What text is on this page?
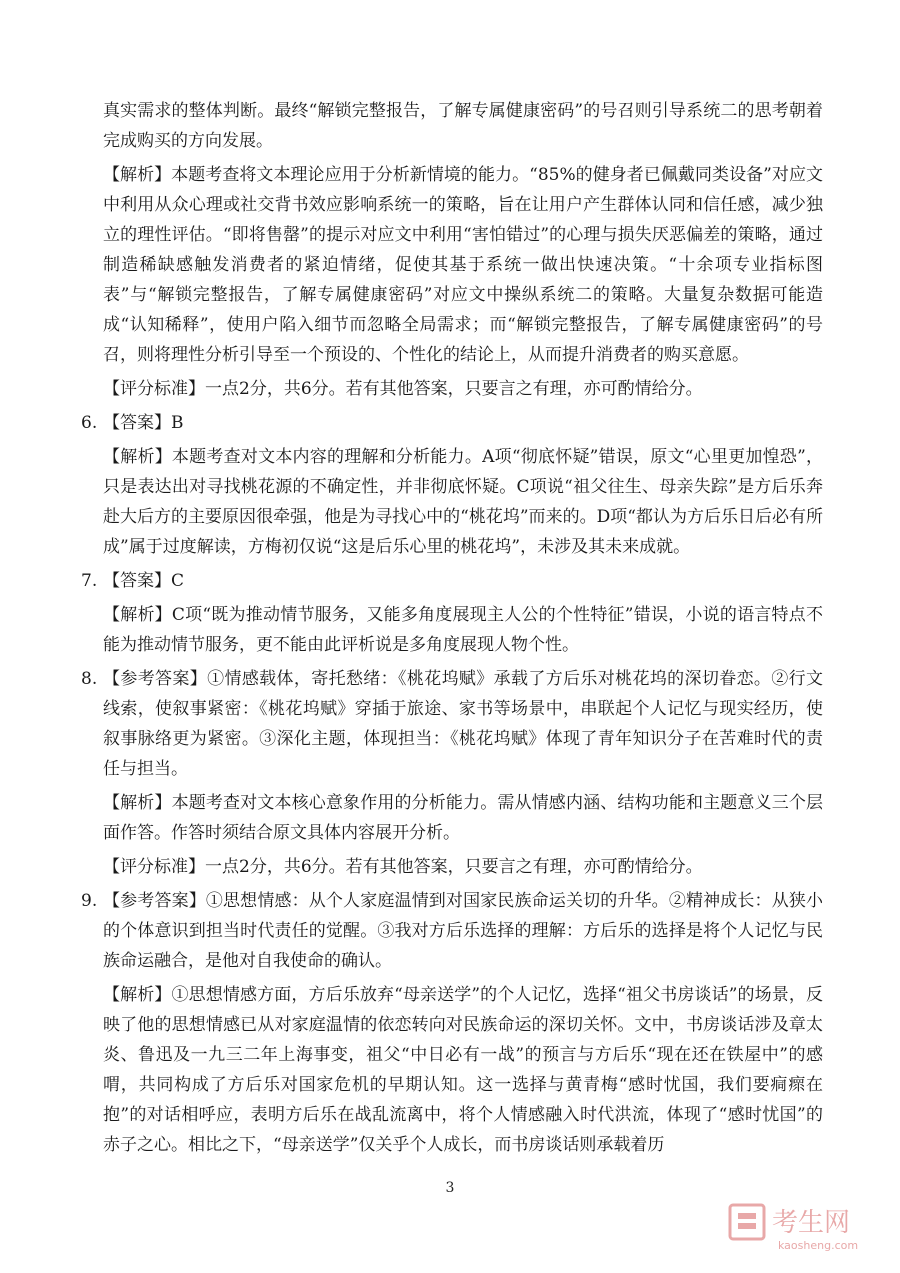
真实需求的整体判断。最终“解锁完整报告，了解专属健康密码”的号召则引导系统二的思考朝着完成购买的方向发展。

【解析】本题考查将文本理论应用于分析新情境的能力。“85%的健身者已佩戴同类设备”对应文中利用从众心理或社交背书效应影响系统一的策略，旨在让用户产生群体认同和信任感，减少独立的理性评估。“即将售罄”的提示对应文中利用“害怕错过”的心理与损失厌恶偏差的策略，通过制造稀缺感触发消费者的紧迫情绪，促使其基于系统一做出快速决策。“十余项专业指标图表”与“解锁完整报告，了解专属健康密码”对应文中操纵系统二的策略。大量复杂数据可能造成“认知稀释”，使用户陷入细节而忽略全局需求；而“解锁完整报告，了解专属健康密码”的号召，则将理性分析引导至一个预设的、个性化的结论上，从而提升消费者的购买意愿。

【评分标准】一点2分，共6分。若有其他答案，只要言之有理，亦可酌情给分。

6. 【答案】B

【解析】本题考查对文本内容的理解和分析能力。A项“彻底怀疑”错误，原文“心里更加惶恐”，只是表达出对寻找桃花源的不确定性，并非彻底怀疑。C项说“祖父往生、母亲失踪”是方后乐奔赴大后方的主要原因很牵强，他是为寻找心中的“桃花坞”而来的。D项“都认为方后乐日后必有所成”属于过度解读，方梅初仅说“这是后乐心里的桃花坞”，未涉及其未来成就。

7. 【答案】C

【解析】C项“既为推动情节服务，又能多角度展现主人公的个性特征”错误，小说的语言特点不能为推动情节服务，更不能由此评析说是多角度展现人物个性。

8. 【参考答案】①情感载体，寄托愁绪：《桃花坞赋》承载了方后乐对桃花坞的深切眷恋。②行文线索，使叙事紧密：《桃花坞赋》穿插于旅途、家书等场景中，串联起个人记忆与现实经历，使叙事脉络更为紧密。③深化主题，体现担当：《桃花坞赋》体现了青年知识分子在苦难时代的责任与担当。

【解析】本题考查对文本核心意象作用的分析能力。需从情感内涵、结构功能和主题意义三个层面作答。作答时须结合原文具体内容展开分析。

【评分标准】一点2分，共6分。若有其他答案，只要言之有理，亦可酌情给分。

9. 【参考答案】①思想情感：从个人家庭温情到对国家民族命运关切的升华。②精神成长：从狭小的个体意识到担当时代责任的觉醒。③我对方后乐选择的理解：方后乐的选择是将个人记忆与民族命运融合，是他对自我使命的确认。

【解析】①思想情感方面，方后乐放弃“母亲送学”的个人记忆，选择“祖父书房谈话”的场景，反映了他的思想情感已从对家庭温情的依恋转向对民族命运的深切关怀。文中，书房谈话涉及章太炎、鲁迅及一九三二年上海事变，祖父“中日必有一战”的预言与方后乐“现在还在铁屋中”的感喟，共同构成了方后乐对国家危机的早期认知。这一选择与黄青梅“感时忧国，我们要痌瘝在抱”的对话相呼应，表明方后乐在战乱流离中，将个人情感融入时代洪流，体现了“感时忧国”的赤子之心。相比之下，“母亲送学”仅关乎个人成长，而书房谈话则承载着历

3
考生网
kaosheng.com
